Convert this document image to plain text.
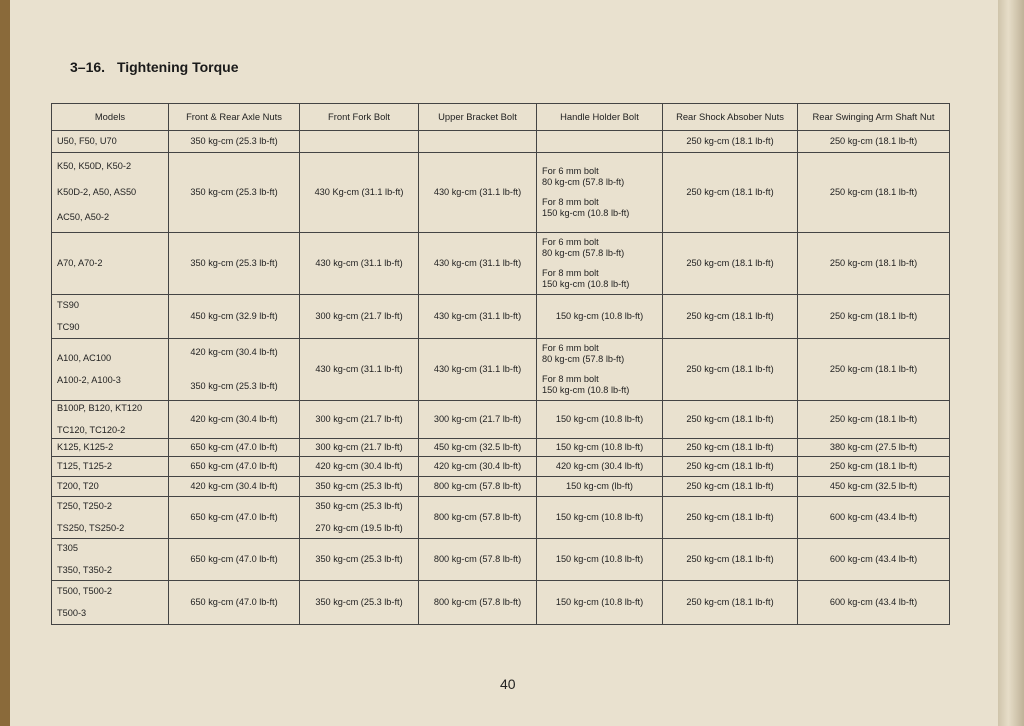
3–16. Tightening Torque
Models	Front & Rear Axle Nuts	Front Fork Bolt	Upper Bracket Bolt	Handle Holder Bolt	Rear Shock Absober Nuts	Rear Swinging Arm Shaft Nut

U50, F50, U70	350 kg-cm (25.3 lb-ft)				250 kg-cm (18.1 lb-ft)	250 kg-cm (18.1 lb-ft)

K50, K50D, K50-2
K50D-2, A50, AS50
AC50, A50-2	350 kg-cm (25.3 lb-ft)	430 Kg-cm (31.1 lb-ft)	430 kg-cm (31.1 lb-ft)	For 6 mm bolt
80 kg-cm (57.8 lb-ft)
For 8 mm bolt
150 kg-cm (10.8 lb-ft)	250 kg-cm (18.1 lb-ft)	250 kg-cm (18.1 lb-ft)

A70, A70-2	350 kg-cm (25.3 lb-ft)	430 kg-cm (31.1 lb-ft)	430 kg-cm (31.1 lb-ft)	For 6 mm bolt
80 kg-cm (57.8 lb-ft)
For 8 mm bolt
150 kg-cm (10.8 lb-ft)	250 kg-cm (18.1 lb-ft)	250 kg-cm (18.1 lb-ft)

TS90
TC90	450 kg-cm (32.9 lb-ft)	300 kg-cm (21.7 lb-ft)	430 kg-cm (31.1 lb-ft)	150 kg-cm (10.8 lb-ft)	250 kg-cm (18.1 lb-ft)	250 kg-cm (18.1 lb-ft)

A100, AC100
A100-2, A100-3	420 kg-cm (30.4 lb-ft)
350 kg-cm (25.3 lb-ft)	430 kg-cm (31.1 lb-ft)	430 kg-cm (31.1 lb-ft)	For 6 mm bolt
80 kg-cm (57.8 lb-ft)
For 8 mm bolt
150 kg-cm (10.8 lb-ft)	250 kg-cm (18.1 lb-ft)	250 kg-cm (18.1 lb-ft)

B100P, B120, KT120
TC120, TC120-2	420 kg-cm (30.4 lb-ft)	300 kg-cm (21.7 lb-ft)	300 kg-cm (21.7 lb-ft)	150 kg-cm (10.8 lb-ft)	250 kg-cm (18.1 lb-ft)	250 kg-cm (18.1 lb-ft)

K125, K125-2	650 kg-cm (47.0 lb-ft)	300 kg-cm (21.7 lb-ft)	450 kg-cm (32.5 lb-ft)	150 kg-cm (10.8 lb-ft)	250 kg-cm (18.1 lb-ft)	380 kg-cm (27.5 lb-ft)

T125, T125-2	650 kg-cm (47.0 lb-ft)	420 kg-cm (30.4 lb-ft)	420 kg-cm (30.4 lb-ft)	420 kg-cm (30.4 lb-ft)	250 kg-cm (18.1 lb-ft)	250 kg-cm (18.1 lb-ft)

T200, T20	420 kg-cm (30.4 lb-ft)	350 kg-cm (25.3 lb-ft)	800 kg-cm (57.8 lb-ft)	150 kg-cm (lb-ft)	250 kg-cm (18.1 lb-ft)	450 kg-cm (32.5 lb-ft)

T250, T250-2
TS250, TS250-2	650 kg-cm (47.0 lb-ft)	350 kg-cm (25.3 lb-ft)
270 kg-cm (19.5 lb-ft)	800 kg-cm (57.8 lb-ft)	150 kg-cm (10.8 lb-ft)	250 kg-cm (18.1 lb-ft)	600 kg-cm (43.4 lb-ft)

T305
T350, T350-2	650 kg-cm (47.0 lb-ft)	350 kg-cm (25.3 lb-ft)	800 kg-cm (57.8 lb-ft)	150 kg-cm (10.8 lb-ft)	250 kg-cm (18.1 lb-ft)	600 kg-cm (43.4 lb-ft)

T500, T500-2
T500-3	650 kg-cm (47.0 lb-ft)	350 kg-cm (25.3 lb-ft)	800 kg-cm (57.8 lb-ft)	150 kg-cm (10.8 lb-ft)	250 kg-cm (18.1 lb-ft)	600 kg-cm (43.4 lb-ft)
40
